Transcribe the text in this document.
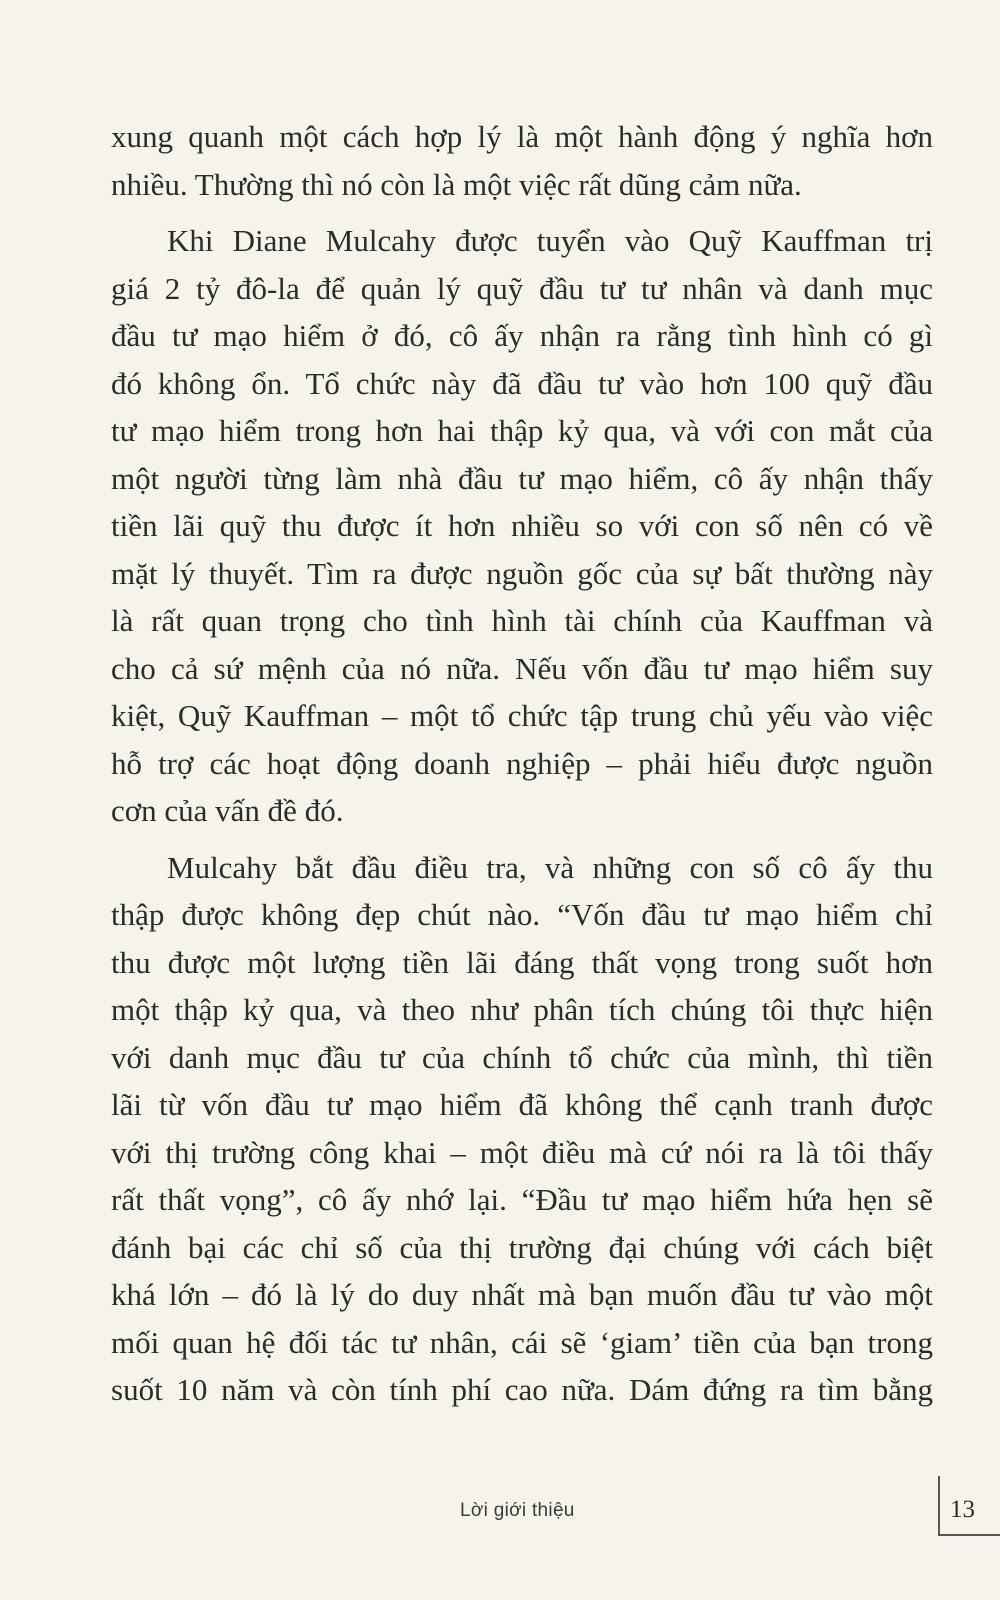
xung quanh một cách hợp lý là một hành động ý nghĩa hơn
nhiều. Thường thì nó còn là một việc rất dũng cảm nữa.
Khi Diane Mulcahy được tuyển vào Quỹ Kauffman trị
giá 2 tỷ đô-la để quản lý quỹ đầu tư tư nhân và danh mục
đầu tư mạo hiểm ở đó, cô ấy nhận ra rằng tình hình có gì
đó không ổn. Tổ chức này đã đầu tư vào hơn 100 quỹ đầu
tư mạo hiểm trong hơn hai thập kỷ qua, và với con mắt của
một người từng làm nhà đầu tư mạo hiểm, cô ấy nhận thấy
tiền lãi quỹ thu được ít hơn nhiều so với con số nên có về
mặt lý thuyết. Tìm ra được nguồn gốc của sự bất thường này
là rất quan trọng cho tình hình tài chính của Kauffman và
cho cả sứ mệnh của nó nữa. Nếu vốn đầu tư mạo hiểm suy
kiệt, Quỹ Kauffman – một tổ chức tập trung chủ yếu vào việc
hỗ trợ các hoạt động doanh nghiệp – phải hiểu được nguồn
cơn của vấn đề đó.
Mulcahy bắt đầu điều tra, và những con số cô ấy thu
thập được không đẹp chút nào. “Vốn đầu tư mạo hiểm chỉ
thu được một lượng tiền lãi đáng thất vọng trong suốt hơn
một thập kỷ qua, và theo như phân tích chúng tôi thực hiện
với danh mục đầu tư của chính tổ chức của mình, thì tiền
lãi từ vốn đầu tư mạo hiểm đã không thể cạnh tranh được
với thị trường công khai – một điều mà cứ nói ra là tôi thấy
rất thất vọng”, cô ấy nhớ lại. “Đầu tư mạo hiểm hứa hẹn sẽ
đánh bại các chỉ số của thị trường đại chúng với cách biệt
khá lớn – đó là lý do duy nhất mà bạn muốn đầu tư vào một
mối quan hệ đối tác tư nhân, cái sẽ ‘giam’ tiền của bạn trong
suốt 10 năm và còn tính phí cao nữa. Dám đứng ra tìm bằng
Lời giới thiệu	13
